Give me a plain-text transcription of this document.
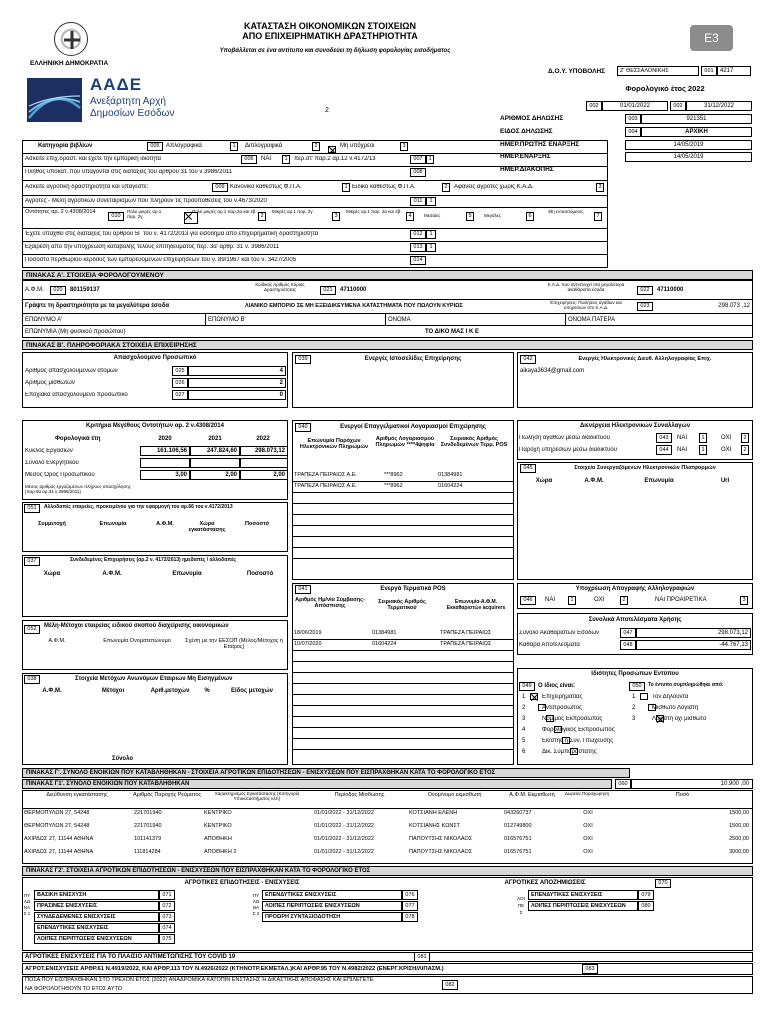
ΕΛΛΗΝΙΚΗ ΔΗΜΟΚΡΑΤΙΑ
ΚΑΤΑΣΤΑΣΗ ΟΙΚΟΝΟΜΙΚΩΝ ΣΤΟΙΧΕΙΩΝ
ΑΠΟ ΕΠΙΧΕΙΡΗΜΑΤΙΚΗ ΔΡΑΣΤΗΡΙΟΤΗΤΑ
Υποβάλλεται σε ένα αντίτυπο και συνοδεύει τη δήλωση φορολογίας εισοδήματος
Ε3
ΑΑΔΕ
Ανεξάρτητη Αρχή
Δημοσίων Εσόδων	2
Δ.Ο.Υ. ΥΠΟΒΟΛΗΣ	Ζ' ΘΕΣΣΑΛΟΝΙΚΗΣ	001	4217
Φορολογικό έτος 2022
002	01/01/2022	002	31/12/2022
ΑΡΙΘΜΟΣ ΔΗΛΩΣΗΣ	003	921351
ΕΙΔΟΣ ΔΗΛΩΣΗΣ	004	ΑΡΧΙΚΗ
ΗΜΕΡ.ΠΡΩΤΗΣ ΕΝΑΡΞΗΣ	14/05/2019
ΗΜΕΡ.ΕΝΑΡΞΗΣ	14/05/2019
ΗΜΕΡ.ΔΙΑΚΟΠΗΣ
Κατηγορία βιβλίων	005	Απλογραφικά	1	Διπλογραφικά	2
	Μη υπόχρεοι	3
Ασκείτε επιχ.δραστ. και έχετε την εμπορική ιδιότητα	006	ΝΑΙ	1	περ.στ' παρ.2 αρ.12 ν.4172/13	007	1
Πλήθος υποκατ. που υπάγονται στις διατάξεις του άρθρου 31 του ν.3986/2011	008
Ασκείτε αγροτική δραστηριότητα και υπάγεστε:	009 Κανονικό καθεστώς Φ.Π.Α.	1 Ειδικό καθεστώς Φ.Π.Α.	2	Αφανείς αγρότες χωρίς Κ.Α.Δ.	3
Αγρότες - Μέλη αγροτικών συνεταιρισμών που πληρούν τις προϋποθέσεις του ν.4673/2020	011	1
Οντότητες αρ. 2 ν.4308/2014
010
Πολύ μικρές αρ.1 παρ. 2γ
Πολύ μικρές αρ.1 παρ.2α και 2β
2
Μικρές αρ.1 παρ. 2γ
3
Μικρές αρ.1 παρ. 2α και 2β
4	Μεσαίες	5	Μεγάλες	6
Μη εντασσόμενες
7
Έχετε υπαχθεί στις διατάξεις του άρθρου 5Γ του ν. 4172/2013 για εισόδημα από επιχειρηματική δραστηριότητα	012	1
Εξαίρεση από την υποχρέωση καταβολής τέλους επιτηδεύματος περ. 3α' άρθρ. 31 ν. 3986/2011	013	1
Ποσοστό περιθωρίου κέρδους των εμπορευόμενων επιχειρήσεων του ν. 89/1967 και του ν. 3427/2005	014
ΠΙΝΑΚΑΣ Α'. ΣΤΟΙΧΕΙΑ ΦΟΡΟΛΟΓΟΥΜΕΝΟΥ
Α.Φ.Μ.	020	801159137
Κωδικός Αριθμός Κύριας Δραστηριότητας	021	47110000
Κ.Α.Δ. που αντιστοιχεί στα μεγαλύτερα ακαθάριστα έσοδα	022	47110000
Γράψτε τη δραστηριότητα με τα μεγαλύτερα έσοδα	ΛΙΑΝΙΚΟ ΕΜΠΟΡΙΟ ΣΕ ΜΗ ΕΞΕΙΔΙΚΕΥΜΕΝΑ ΚΑΤΑΣΤΗΜΑΤΑ ΠΟΥ ΠΩΛΟΥΝ ΚΥΡΙΩΣ
Επιχειρήσεις: Πωλήσεις αγαθών και υπηρεσιών στο Κ.Α.Δ.	023	298.073 ,12
ΕΠΩΝΥΜΟ Α'	ΕΠΩΝΥΜΟ Β'	ΟΝΟΜΑ	ΟΝΟΜΑ ΠΑΤΕΡΑ
ΕΠΩΝΥΜΙΑ (Μη φυσικού προσώπου)	ΤΟ ΔΙΚΟ ΜΑΣ Ι Κ Ε
ΠΙΝΑΚΑΣ Β'. ΠΛΗΡΟΦΟΡΙΑΚΑ ΣΤΟΙΧΕΙΑ ΕΠΙΧΕΙΡΗΣΗΣ
Απασχολούμενο Προσωπικό
Αριθμός απασχολούμενων ατόμων	025	4
Αριθμός μισθωτών	026	2
Εποχιακά απασχολούμενο προσωπικό	027	0
039	Ενεργές Ιστοσελίδες Επιχείρησης	042	Ενεργές Ηλεκτρονικές Διευθ. Αλληλογραφίας Επιχ.
aikaya3634@gmail.com
Κριτήρια Μεγέθους Οντοτήτων αρ. 2 ν.4308/2014
Φορολογικά έτη	2020	2021	2022
Κύκλος Εργασιών	161.106,56	247.824,60	298.073,12
Σύνολο Ενεργητικού
Μέσος Όρος Προσωπικού	3,00	2,00	2,00
Μέσος αριθμός εργαζομένων πλήρους απασχόλησης (παρ.9α αρ.31 ν.3986/2011)
040	Ενεργοί Επαγγελματικοί Λογαριασμοί Επιχείρησης
Επωνυμία Παρόχων Ηλεκτρονικών Πληρωμών
Αριθμός Λογαριασμού Πληρωμών ****4ψηφία
Σειριακός Αριθμός Συνδεδεμένων Τερμ. POS
ΤΡΑΠΕΖΑ ΠΕΙΡΑΙΩΣ Α.Ε.	***8962	01384981
ΤΡΑΠΕΖΑ ΠΕΙΡΑΙΩΣ Α.Ε.	***8962	01604224
Διενέργεια Ηλεκτρονικών Συναλλαγών
Πώληση αγαθών μέσω διαδικτύου	043	ΝΑΙ	1	ΟΧΙ	2
Παροχή υπηρεσιών μέσω διαδικτύου	044	ΝΑΙ	1	ΟΧΙ	2
045	Στοιχεία Συνεργαζόμενων Ηλεκτρονικών Πλατφορμών
Χώρα	Α.Φ.Μ.	Επωνυμία	Url
051	Αλλοδαπές εταιρείες, προκειμένου για την εφαρμογή του αρ.66 του ν.4172/2013
Συμμετοχή	Επωνυμία	Α.Φ.Μ.	Χώρα εγκατάστασης
Ποσοστό
037	Συνδεδεμένες Επιχειρήσεις (αρ.2 ν. 4172/2013) ημεδαπές / αλλοδαπές
Χώρα	Α.Φ.Μ.	Επωνυμία	Ποσοστό
052	Μέλη-Μέτοχοι εταιρείας ειδικού σκοπού διαχείρισης οικονομικών
Α.Φ.Μ.	Επωνυμία Ονοματεπώνυμο	Σχέση με την ΕΕΣΟΠ (Μέλος/Μέτοχος ή Εταίρος)
038	Στοιχεία Μετόχων Ανωνύμων Εταιριών Μη Εισηγμένων
Α.Φ.Μ.	Μέτοχοι	Αριθ.μετοχών	%	Είδος μετοχών
Σύνολο
041	Ενεργά Τερματικά POS
Αριθμός Ημ/νία Σύμβασης-Απόσπισης
Σειριακός Αριθμός Τερματικού
Επωνυμία-Α.Φ.Μ. Εκκαθαριστών acquirers
18/06/2019	01384981	ΤΡΑΠΕΖΑ ΠΕΙΡΑΙΩΣ
10/07/2020	01604224	ΤΡΑΠΕΖΑ ΠΕΙΡΑΙΩΣ
Υποχρέωση Απογραφής Αλληλογραφιών
046	ΝΑΙ	1	ΟΧΙ	2	ΝΑΙ ΠΡΟΑΙΡΕΤΙΚΑ	3
Συνολικά Αποτελέσματα Χρήσης
Σύνολο Ακαθαρίστων Εσόδων	047	298.073,12
Καθαρά Αποτελέσματα	048	-44.767,13
Ιδιότητες Προσώπων Εντύπου
049	Ο ίδιος είναι:	050	Το έντυπο συμπληρώθηκε από:
1	Επιχειρηματίας
2	Αντιπρόσωπος
3	Νόμιμος Εκπρόσωπος
4	Φορολογικός Εκπρόσωπος
5	Εκ/στής ή Συν. Πτώχευσης
6	Δικ. Συμπαραστάτης
1	Τον Δηλούντα
2	Μισθωτό Λογιστή
3	Λογιστή όχι μισθωτό
ΠΙΝΑΚΑΣ Γ'. ΣΥΝΟΛΟ ΕΝΟΙΚΙΩΝ ΠΟΥ ΚΑΤΑΒΛΗΘΗΚΑΝ - ΣΤΟΙΧΕΙΑ ΑΓΡΟΤΙΚΩΝ ΕΠΙΔΟΤΗΣΕΩΝ - ΕΝΙΣΧΥΣΕΩΝ ΠΟΥ ΕΙΣΠΡΑΧΘΗΚΑΝ ΚΑΤΑ ΤΟ ΦΟΡΟΛΟΓΙΚΟ ΕΤΟΣ
ΠΙΝΑΚΑΣ Γ1'. ΣΥΝΟΛΟ ΕΝΟΙΚΙΩΝ ΠΟΥ ΚΑΤΑΒΛΗΘΗΚΑΝ	060	10.900 ,00
Διεύθυνση εγκατάστασης	Αριθμός Παροχής Ρεύματος	Χαρακτηρισμός Εγκατάστασης (Κατηγορία Υποκαταστήματος κλπ)
Περίοδος Μίσθωσης	Ονομ/νυμο εκμισθωτή	Α.Φ.Μ. Εκμισθωτή	Δωρεάν Παραχώρηση	Ποσό
ΘΕΡΜΟΠΥΛΩΝ 27, 54248	221701940	ΚΕΝΤΡΙΚΟ	01/01/2022 - 31/12/2022	ΚΟΤΣΙΑΝΗ ΕΛΕΝΗ	043260737	ΟΧΙ	1500,00
ΘΕΡΜΟΠΥΛΩΝ 27, 54248	221701940	ΚΕΝΤΡΙΚΟ	01/01/2022 - 31/12/2022	ΚΟΤΣΙΑΝΗΣ ΚΩΝΣΤ	012749800	ΟΧΙ	1500,00
ΑΧΙΡΔΩΣ 27, 11144 ΑΘΗΝΑ	101141379	ΑΠΟΘΗΚΗ	01/01/2022 - 31/12/2022	ΠΑΠΟΥΤΣΗΣ ΝΙΚΟΛΑΟΣ	016576751	ΟΧΙ	2500,00
ΑΧΙΡΔΩΣ 27, 11144 ΑΘΗΝΑ	111814284	ΑΠΟΘΗΚΗ 2	01/01/2022 - 31/12/2022	ΠΑΠΟΥΤΣΗΣ ΝΙΚΟΛΑΟΣ	016576751	ΟΧΙ	3000,00
ΠΙΝΑΚΑΣ Γ2'. ΣΤΟΙΧΕΙΑ ΑΓΡΟΤΙΚΩΝ ΕΠΙΔΟΤΗΣΕΩΝ - ΕΝΙΣΧΥΣΕΩΝ ΠΟΥ ΕΙΣΠΡΑΧΘΗΚΑΝ ΚΑΤΑ ΤΟ ΦΟΡΟΛΟΓΙΚΟ ΕΤΟΣ
ΑΓΡΟΤΙΚΕΣ ΕΠΙΔΟΤΗΣΕΙΣ - ΕΝΙΣΧΥΣΕΙΣ	ΑΓΡΟΤΙΚΕΣ ΑΠΟΖΗΜΙΩΣΕΙΣ	070
ΠΥΛΩΝΑΣ 1
ΠΥΛΩΝΑΣ 2
ΛΟΙΠΕΣ
ΒΑΣΙΚΗ ΕΝΙΣΧΥΣΗ	071
ΠΡΑΣΙΝΕΣ ΕΝΙΣΧΥΣΕΙΣ	072
ΣΥΝΔΕΔΕΜΕΝΕΣ ΕΝΙΣΧΥΣΕΙΣ	073
ΕΠΕΝΔΥΤΙΚΕΣ ΕΝΙΣΧΥΣΕΙΣ	074
ΛΟΙΠΕΣ ΠΕΡΙΠΤΩΣΕΙΣ ΕΝΙΣΧΥΣΕΩΝ	075
ΕΠΕΝΔΥΤΙΚΕΣ ΕΝΙΣΧΥΣΕΙΣ	076
ΛΟΙΠΕΣ ΠΕΡΙΠΤΩΣΕΙΣ ΕΝΙΣΧΥΣΕΩΝ	077
ΠΡΟΩΡΗ ΣΥΝΤΑΞΙΟΔΟΤΗΣΗ	078
ΕΠΕΝΔΥΤΙΚΕΣ ΕΝΙΣΧΥΣΕΙΣ	079
ΛΟΙΠΕΣ ΠΕΡΙΠΤΩΣΕΙΣ ΕΝΙΣΧΥΣΕΩΝ	080
ΑΓΡΟΤΙΚΕΣ ΕΝΙΣΧΥΣΕΙΣ ΓΙΑ ΤΟ ΠΛΑΙΣΙΟ ΑΝΤΙΜΕΤΩΠΙΣΗΣ ΤΟΥ COVID 19	081
ΑΓΡΟΤ.ΕΝΙΣΧΥΣΕΙΣ ΑΡΘΡ.61 Ν.4919/2022, ΚΑΙ ΑΡΘΡ.113 ΤΟΥ Ν.4926/2022 (ΚΤΗΝΟΤΡ.ΕΚΜΕΤΑΛ.)ΚΑΙ ΑΡΘΡ.95 ΤΟΥ Ν.4982/2022 (ΕΝΕΡΓ.ΚΡΙΣΗ/ΛΙΠΑΣΜ.)	083
ΠΟΣΑ ΠΟΥ ΕΙΣΠΡΑΧΘΗΚΑΝ ΣΤΟ ΤΡΕΧΟΝ ΕΤΟΣ (2022) ΑΝΑΔΡΟΜΙΚΑ ΚΑΤΟΠΙΝ ΕΝΣΤΑΣΗΣ Ή ΔΙΚΑΣΤΙΚΗΣ ΑΠΟΦΑΣΗΣ ΚΑΙ ΕΠΙΛΕΓΕΤΕ
ΝΑ ΦΟΡΟΛΟΓΗΘΟΥΝ ΤΟ ΕΤΟΣ ΑΥΤΟ
082
